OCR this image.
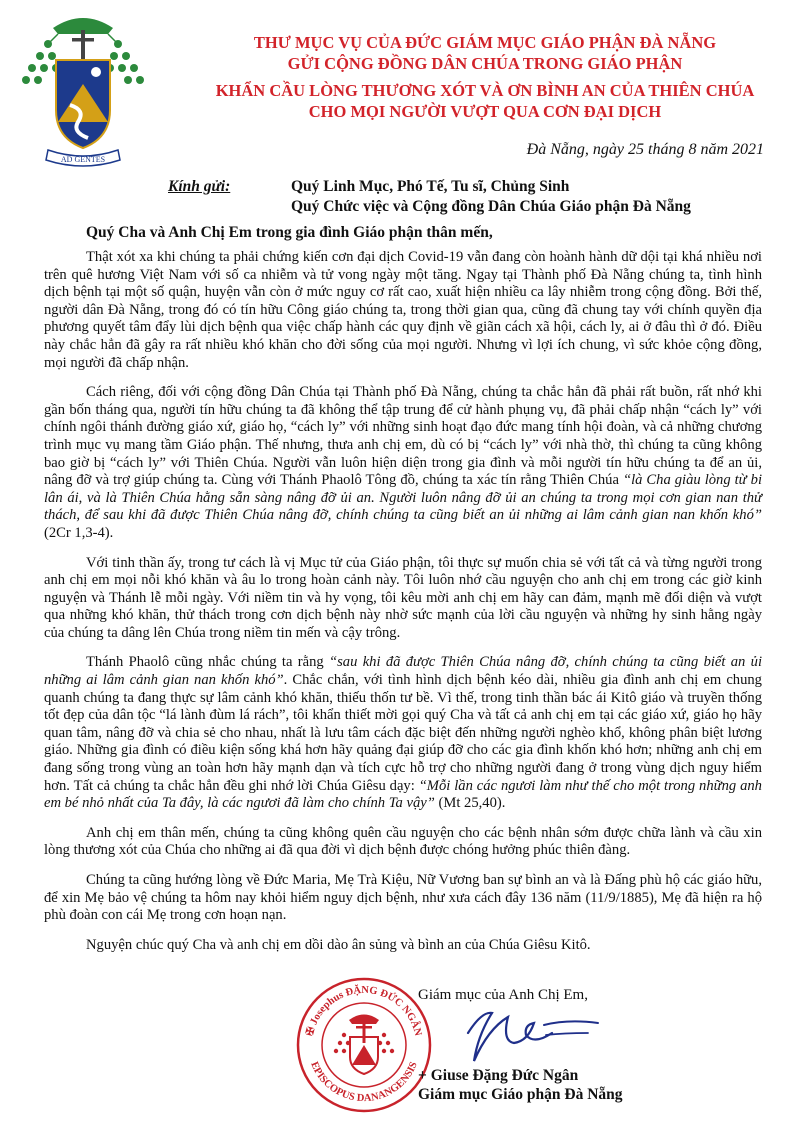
AD GENTES
THƯ MỤC VỤ CỦA ĐỨC GIÁM MỤC GIÁO PHẬN ĐÀ NẴNG
GỬI CỘNG ĐỒNG DÂN CHÚA TRONG GIÁO PHẬN
KHẨN CẦU LÒNG THƯƠNG XÓT VÀ ƠN BÌNH AN CỦA THIÊN CHÚA
CHO MỌI NGƯỜI VƯỢT QUA CƠN ĐẠI DỊCH
Đà Nẵng, ngày 25 tháng 8 năm 2021
Kính gửi:	Quý Linh Mục, Phó Tế, Tu sĩ, Chủng Sinh
Quý Chức việc và Cộng đồng Dân Chúa Giáo phận Đà Nẵng
Quý Cha và Anh Chị Em trong gia đình Giáo phận thân mến,

Thật xót xa khi chúng ta phải chứng kiến cơn đại dịch Covid-19 vẫn đang còn hoành hành dữ dội tại khá nhiều nơi trên quê hương Việt Nam với số ca nhiễm và tử vong ngày một tăng. Ngay tại Thành phố Đà Nẵng chúng ta, tình hình dịch bệnh tại một số quận, huyện vẫn còn ở mức nguy cơ rất cao, xuất hiện nhiều ca lây nhiễm trong cộng đồng. Bởi thế, người dân Đà Nẵng, trong đó có tín hữu Công giáo chúng ta, trong thời gian qua, cũng đã chung tay với chính quyền địa phương quyết tâm đẩy lùi dịch bệnh qua việc chấp hành các quy định về giãn cách xã hội, cách ly, ai ở đâu thì ở đó. Điều này chắc hẳn đã gây ra rất nhiều khó khăn cho đời sống của mọi người. Nhưng vì lợi ích chung, vì sức khỏe cộng đồng, mọi người đã chấp nhận.

Cách riêng, đối với cộng đồng Dân Chúa tại Thành phố Đà Nẵng, chúng ta chắc hẳn đã phải rất buồn, rất nhớ khi gần bốn tháng qua, người tín hữu chúng ta đã không thể tập trung để cử hành phụng vụ, đã phải chấp nhận “cách ly” với chính ngôi thánh đường giáo xứ, giáo họ, “cách ly” với những sinh hoạt đạo đức mang tính hội đoàn, và cả những chương trình mục vụ mang tầm Giáo phận. Thế nhưng, thưa anh chị em, dù có bị “cách ly” với nhà thờ, thì chúng ta cũng không bao giờ bị “cách ly” với Thiên Chúa. Người vẫn luôn hiện diện trong gia đình và mỗi người tín hữu chúng ta để an ủi, nâng đỡ và trợ giúp chúng ta. Cùng với Thánh Phaolô Tông đồ, chúng ta xác tín rằng Thiên Chúa “là Cha giàu lòng từ bi lân ái, và là Thiên Chúa hằng sẵn sàng nâng đỡ ủi an. Người luôn nâng đỡ ủi an chúng ta trong mọi cơn gian nan thử thách, để sau khi đã được Thiên Chúa nâng đỡ, chính chúng ta cũng biết an ủi những ai lâm cảnh gian nan khốn khó” (2Cr 1,3-4).

Với tinh thần ấy, trong tư cách là vị Mục tử của Giáo phận, tôi thực sự muốn chia sẻ với tất cả và từng người trong anh chị em mọi nỗi khó khăn và âu lo trong hoàn cảnh này. Tôi luôn nhớ cầu nguyện cho anh chị em trong các giờ kinh nguyện và Thánh lễ mỗi ngày. Với niềm tin và hy vọng, tôi kêu mời anh chị em hãy can đảm, mạnh mẽ đối diện và vượt qua những khó khăn, thử thách trong cơn dịch bệnh này nhờ sức mạnh của lời cầu nguyện và những hy sinh hằng ngày của chúng ta dâng lên Chúa trong niềm tin mến và cậy trông.

Thánh Phaolô cũng nhắc chúng ta rằng “sau khi đã được Thiên Chúa nâng đỡ, chính chúng ta cũng biết an ủi những ai lâm cảnh gian nan khốn khó”. Chắc chắn, với tình hình dịch bệnh kéo dài, nhiều gia đình anh chị em chung quanh chúng ta đang thực sự lâm cảnh khó khăn, thiếu thốn tư bề. Vì thế, trong tinh thần bác ái Kitô giáo và truyền thống tốt đẹp của dân tộc “lá lành đùm lá rách”, tôi khẩn thiết mời gọi quý Cha và tất cả anh chị em tại các giáo xứ, giáo họ hãy quan tâm, nâng đỡ và chia sẻ cho nhau, nhất là lưu tâm cách đặc biệt đến những người nghèo khổ, không phân biệt lương giáo. Những gia đình có điều kiện sống khá hơn hãy quảng đại giúp đỡ cho các gia đình khốn khó hơn; những anh chị em đang sống trong vùng an toàn hơn hãy mạnh dạn và tích cực hỗ trợ cho những người đang ở trong vùng dịch nguy hiểm hơn. Tất cả chúng ta chắc hẳn đều ghi nhớ lời Chúa Giêsu dạy: “Mỗi lần các ngươi làm như thế cho một trong những anh em bé nhỏ nhất của Ta đây, là các ngươi đã làm cho chính Ta vậy” (Mt 25,40).

Anh chị em thân mến, chúng ta cũng không quên cầu nguyện cho các bệnh nhân sớm được chữa lành và cầu xin lòng thương xót của Chúa cho những ai đã qua đời vì dịch bệnh được chóng hưởng phúc thiên đàng.

Chúng ta cũng hướng lòng về Đức Maria, Mẹ Trà Kiệu, Nữ Vương ban sự bình an và là Đấng phù hộ các giáo hữu, để xin Mẹ bảo vệ chúng ta hôm nay khỏi hiểm nguy dịch bệnh, như xưa cách đây 136 năm (11/9/1885), Mẹ đã hiện ra hộ phù đoàn con cái Mẹ trong cơn hoạn nạn.

Nguyện chúc quý Cha và anh chị em dồi dào ân sủng và bình an của Chúa Giêsu Kitô.

✠ Josephus ĐẶNG ĐỨC NGÂN
EPISCOPUS DANANGENSIS
Giám mục của Anh Chị Em,
+ Giuse Đặng Đức Ngân
Giám mục Giáo phận Đà Nẵng
